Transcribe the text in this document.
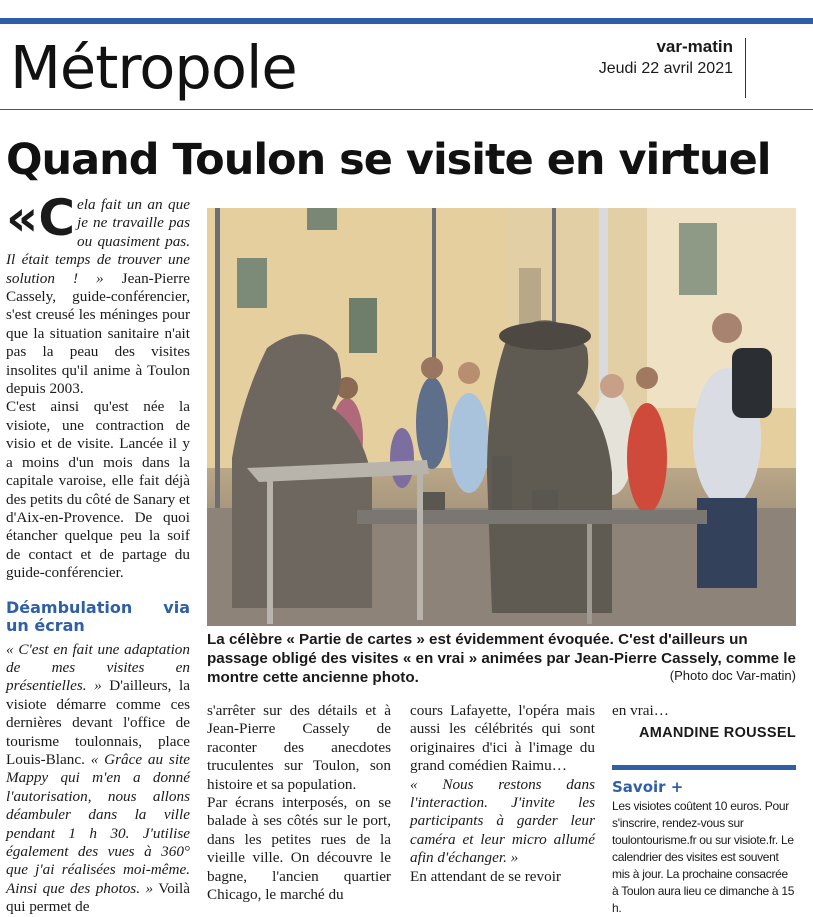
Métropole	var-matin
Jeudi 22 avril 2021
Quand Toulon se visite en virtuel

«C ela fait un an que je ne travaille pas ou quasiment pas. Il était temps de trouver une solution ! » Jean-Pierre Cassely, guide-conférencier, s'est creusé les méninges pour que la situation sanitaire n'ait pas la peau des visites insolites qu'il anime à Toulon depuis 2003.

C'est ainsi qu'est née la visiote, une contraction de visio et de visite. Lancée il y a moins d'un mois dans la capitale varoise, elle fait déjà des petits du côté de Sanary et d'Aix-en-Provence. De quoi étancher quelque peu la soif de contact et de partage du guide-conférencier.

Déambulation via un écran

« C'est en fait une adaptation de mes visites en présentielles. » D'ailleurs, la visiote démarre comme ces dernières devant l'office de tourisme toulonnais, place Louis-Blanc. « Grâce au site Mappy qui m'en a donné l'autorisation, nous allons déambuler dans la ville pendant 1 h 30. J'utilise également des vues à 360° que j'ai réalisées moi-même. Ainsi que des photos. » Voilà qui permet de

La célèbre « Partie de cartes » est évidemment évoquée. C'est d'ailleurs un passage obligé des visites « en vrai » animées par Jean-Pierre Cassely, comme le montre cette ancienne photo.	(Photo doc Var-matin)

s'arrêter sur des détails et à Jean-Pierre Cassely de raconter des anecdotes truculentes sur Toulon, son histoire et sa population.

Par écrans interposés, on se balade à ses côtés sur le port, dans les petites rues de la vieille ville. On découvre le bagne, l'ancien quartier Chicago, le marché du

cours Lafayette, l'opéra mais aussi les célébrités qui sont originaires d'ici à l'image du grand comédien Raimu…

« Nous restons dans l'interaction. J'invite les participants à garder leur caméra et leur micro allumé afin d'échanger. »

En attendant de se revoir

en vrai…

AMANDINE ROUSSEL
Savoir +
Les visiotes coûtent 10 euros. Pour s'inscrire, rendez-vous sur toulontourisme.fr ou sur visiote.fr. Le calendrier des visites est souvent mis à jour. La prochaine consacrée à Toulon aura lieu ce dimanche à 15 h.
